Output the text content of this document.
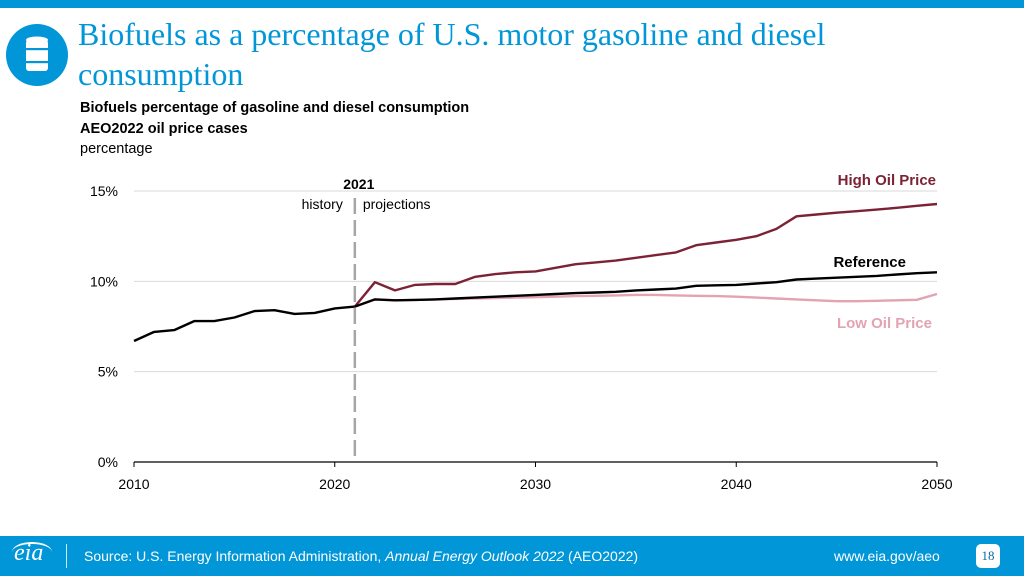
Biofuels as a percentage of U.S. motor gasoline and diesel consumption
Biofuels percentage of gasoline and diesel consumption
AEO2022 oil price cases
percentage
0%
5%
10%
15%
2010	2020	2030	2040	2050
2021
history projections
High Oil Price
Reference
Low Oil Price
eia	Source: U.S. Energy Information Administration, Annual Energy Outlook 2022 (AEO2022)	www.eia.gov/aeo	18
